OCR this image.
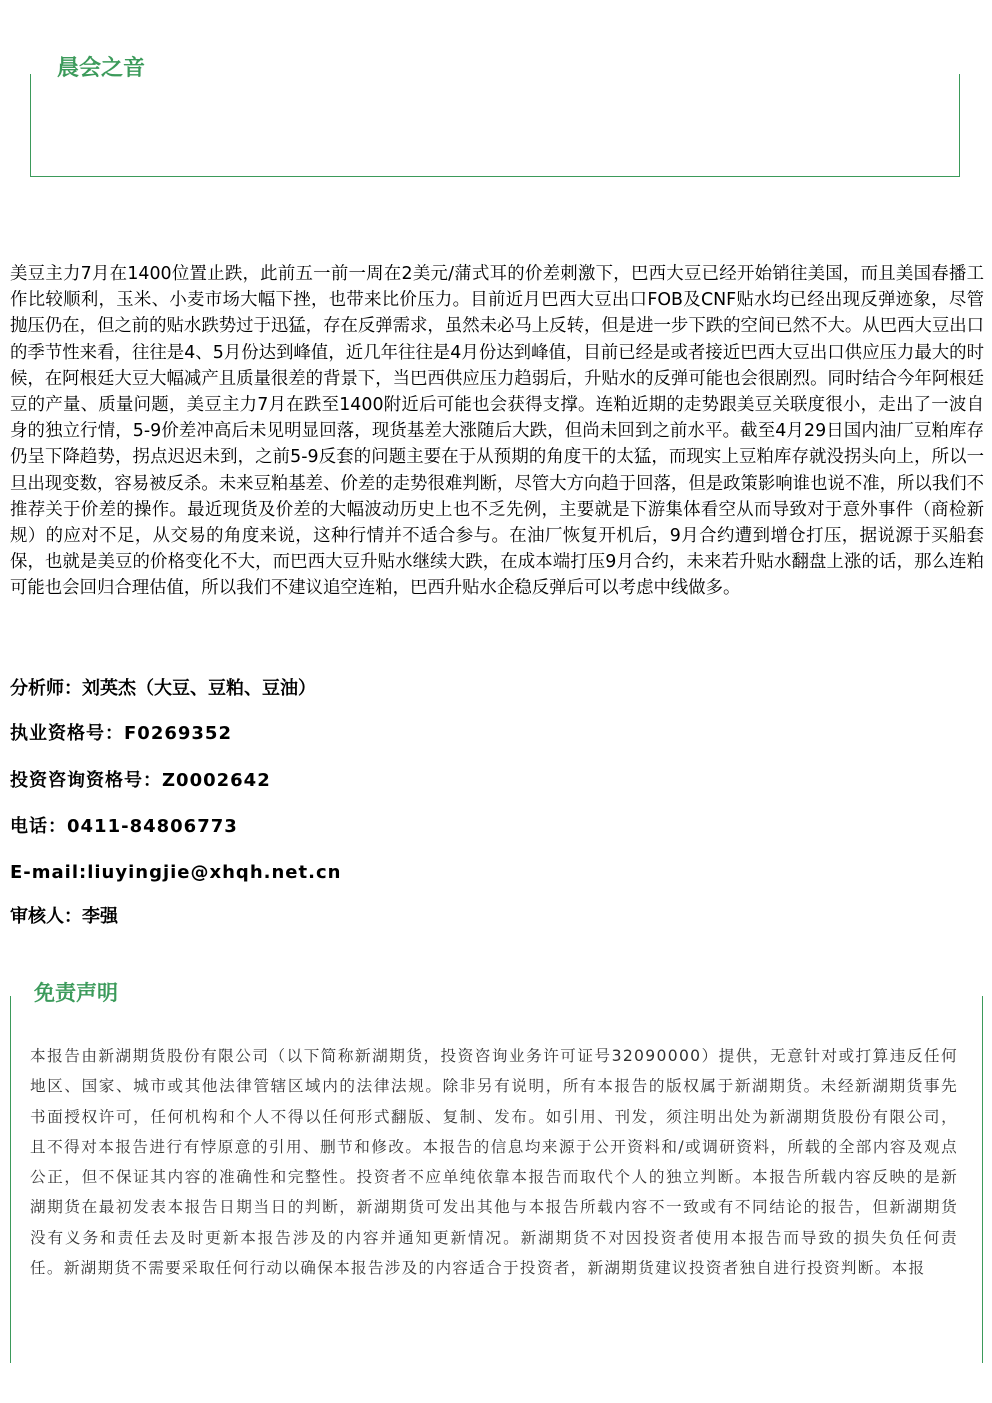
晨会之音

美豆主力7月在1400位置止跌，此前五一前一周在2美元/蒲式耳的价差刺激下，巴西大豆已经开始销往美国，而且美国春播工作比较顺利，玉米、小麦市场大幅下挫，也带来比价压力。目前近月巴西大豆出口FOB及CNF贴水均已经出现反弹迹象，尽管抛压仍在，但之前的贴水跌势过于迅猛，存在反弹需求，虽然未必马上反转，但是进一步下跌的空间已然不大。从巴西大豆出口的季节性来看，往往是4、5月份达到峰值，近几年往往是4月份达到峰值，目前已经是或者接近巴西大豆出口供应压力最大的时候，在阿根廷大豆大幅减产且质量很差的背景下，当巴西供应压力趋弱后，升贴水的反弹可能也会很剧烈。同时结合今年阿根廷豆的产量、质量问题，美豆主力7月在跌至1400附近后可能也会获得支撑。连粕近期的走势跟美豆关联度很小，走出了一波自身的独立行情，5-9价差冲高后未见明显回落，现货基差大涨随后大跌，但尚未回到之前水平。截至4月29日国内油厂豆粕库存仍呈下降趋势，拐点迟迟未到，之前5-9反套的问题主要在于从预期的角度干的太猛，而现实上豆粕库存就没拐头向上，所以一旦出现变数，容易被反杀。未来豆粕基差、价差的走势很难判断，尽管大方向趋于回落，但是政策影响谁也说不准，所以我们不推荐关于价差的操作。最近现货及价差的大幅波动历史上也不乏先例，主要就是下游集体看空从而导致对于意外事件（商检新规）的应对不足，从交易的角度来说，这种行情并不适合参与。在油厂恢复开机后，9月合约遭到增仓打压，据说源于买船套保，也就是美豆的价格变化不大，而巴西大豆升贴水继续大跌，在成本端打压9月合约，未来若升贴水翻盘上涨的话，那么连粕可能也会回归合理估值，所以我们不建议追空连粕，巴西升贴水企稳反弹后可以考虑中线做多。

分析师：刘英杰（大豆、豆粕、豆油）

执业资格号：F0269352

投资咨询资格号：Z0002642

电话：0411-84806773

E-mail:liuyingjie@xhqh.net.cn

审核人：李强

免责声明

本报告由新湖期货股份有限公司（以下简称新湖期货，投资咨询业务许可证号32090000）提供，无意针对或打算违反任何地区、国家、城市或其他法律管辖区域内的法律法规。除非另有说明，所有本报告的版权属于新湖期货。未经新湖期货事先书面授权许可，任何机构和个人不得以任何形式翻版、复制、发布。如引用、刊发，须注明出处为新湖期货股份有限公司，且不得对本报告进行有悖原意的引用、删节和修改。本报告的信息均来源于公开资料和/或调研资料，所载的全部内容及观点公正，但不保证其内容的准确性和完整性。投资者不应单纯依靠本报告而取代个人的独立判断。本报告所载内容反映的是新湖期货在最初发表本报告日期当日的判断，新湖期货可发出其他与本报告所载内容不一致或有不同结论的报告，但新湖期货没有义务和责任去及时更新本报告涉及的内容并通知更新情况。新湖期货不对因投资者使用本报告而导致的损失负任何责任。新湖期货不需要采取任何行动以确保本报告涉及的内容适合于投资者，新湖期货建议投资者独自进行投资判断。本报
